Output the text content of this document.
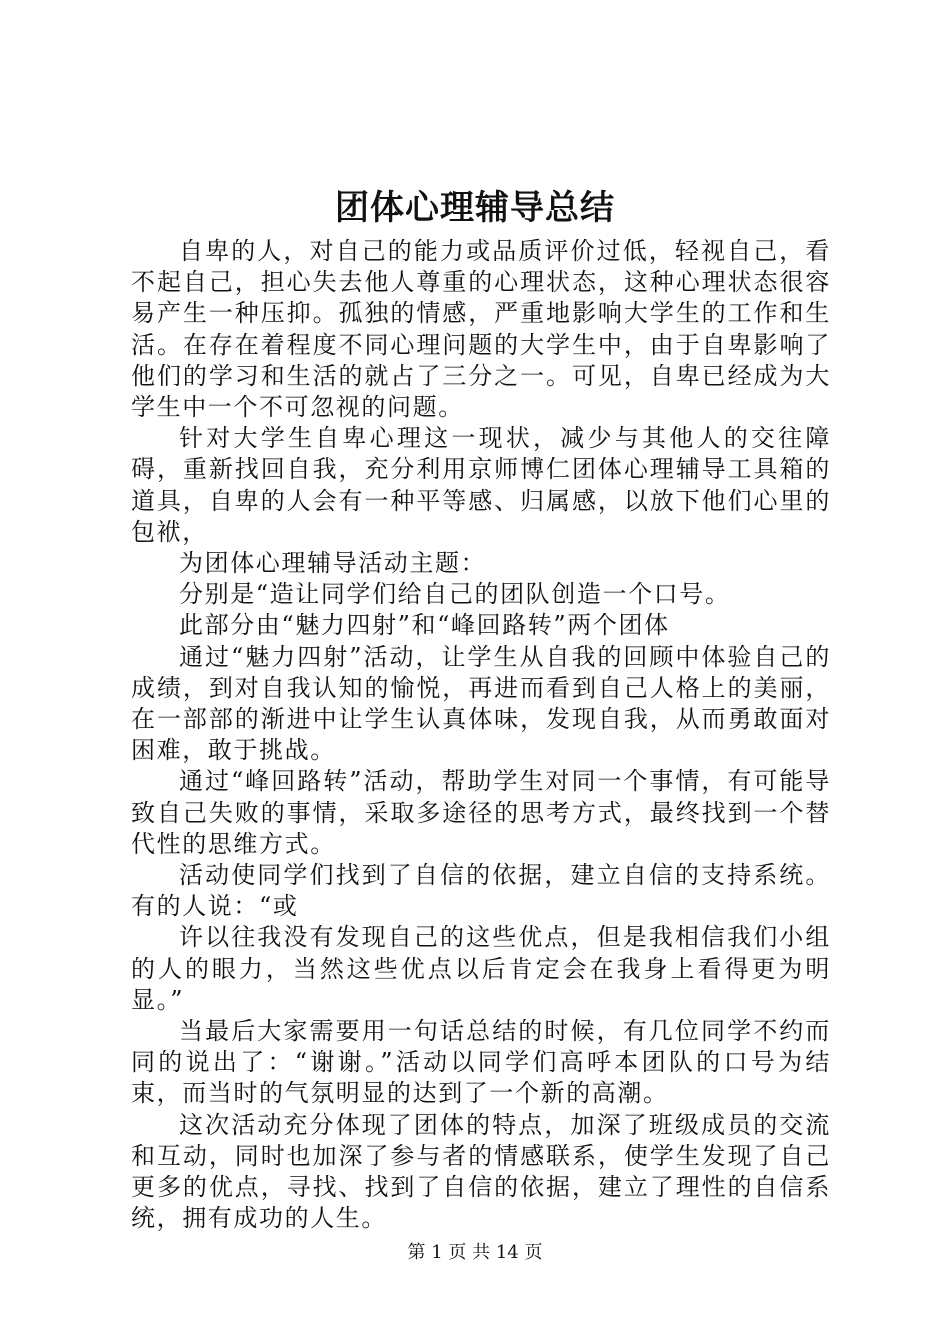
团体心理辅导总结

自卑的人，对自己的能力或品质评价过低，轻视自己，看不起自己，担心失去他人尊重的心理状态，这种心理状态很容易产生一种压抑。孤独的情感，严重地影响大学生的工作和生活。在存在着程度不同心理问题的大学生中，由于自卑影响了他们的学习和生活的就占了三分之一。可见，自卑已经成为大学生中一个不可忽视的问题。

针对大学生自卑心理这一现状，减少与其他人的交往障碍，重新找回自我，充分利用京师博仁团体心理辅导工具箱的道具，自卑的人会有一种平等感、归属感，以放下他们心里的包袱，

为团体心理辅导活动主题：

分别是“造让同学们给自己的团队创造一个口号。

此部分由“魅力四射”和“峰回路转”两个团体

通过“魅力四射”活动，让学生从自我的回顾中体验自己的成绩，到对自我认知的愉悦，再进而看到自己人格上的美丽，在一部部的渐进中让学生认真体味，发现自我，从而勇敢面对困难，敢于挑战。

通过“峰回路转”活动，帮助学生对同一个事情，有可能导致自己失败的事情，采取多途径的思考方式，最终找到一个替代性的思维方式。

活动使同学们找到了自信的依据，建立自信的支持系统。有的人说：“或

许以往我没有发现自己的这些优点，但是我相信我们小组的人的眼力，当然这些优点以后肯定会在我身上看得更为明显。”

当最后大家需要用一句话总结的时候，有几位同学不约而同的说出了：“谢谢。”活动以同学们高呼本团队的口号为结束，而当时的气氛明显的达到了一个新的高潮。

这次活动充分体现了团体的特点，加深了班级成员的交流和互动，同时也加深了参与者的情感联系，使学生发现了自己更多的优点，寻找、找到了自信的依据，建立了理性的自信系统，拥有成功的人生。

第 1 页 共 14 页
